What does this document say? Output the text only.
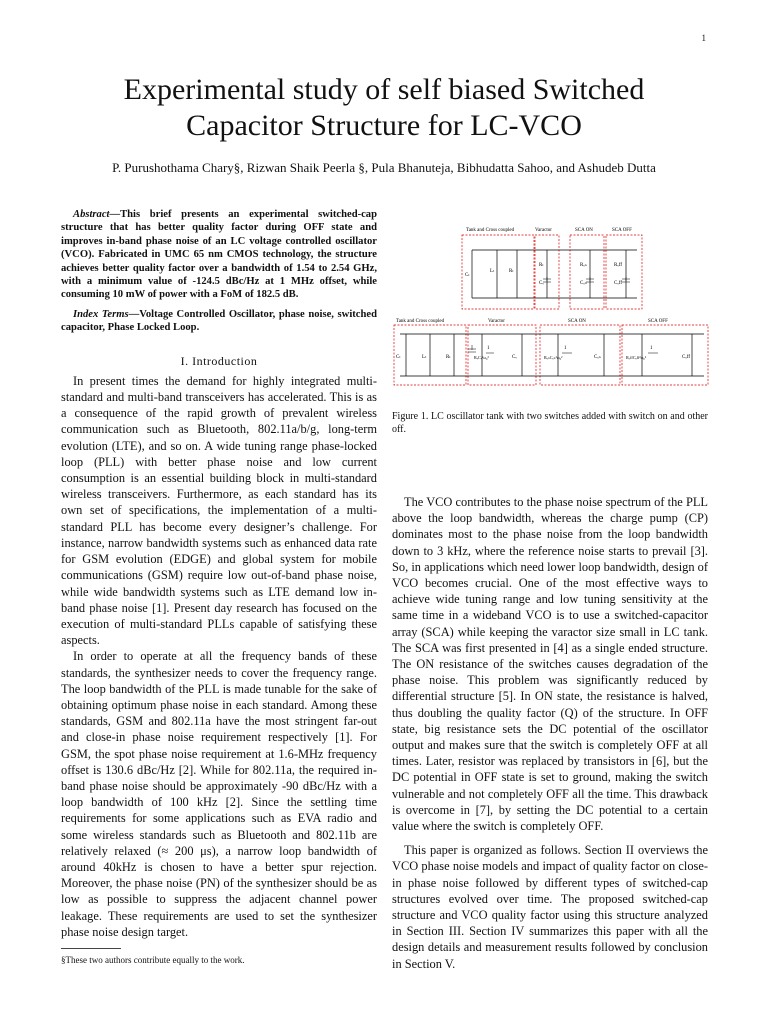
1
Experimental study of self biased Switched
Capacitor Structure for LC-VCO
P. Purushothama Chary§, Rizwan Shaik Peerla §, Pula Bhanuteja, Bibhudatta Sahoo, and Ashudeb Dutta

Abstract—This brief presents an experimental switched-cap structure that has better quality factor during OFF state and improves in-band phase noise of an LC voltage controlled oscillator (VCO). Fabricated in UMC 65 nm CMOS technology, the structure achieves better quality factor over a bandwidth of 1.54 to 2.54 GHz, with a minimum value of -124.5 dBc/Hz at 1 MHz offset, while consuming 10 mW of power with a FoM of 182.5 dB.

Index Terms—Voltage Controlled Oscillator, phase noise, switched capacitor, Phase Locked Loop.

I. Introduction

In present times the demand for highly integrated multi-standard and multi-band transceivers has accelerated. This is as a consequence of the rapid growth of prevalent wireless communication such as Bluetooth, 802.11a/b/g, long-term evolution (LTE), and so on. A wide tuning range phase-locked loop (PLL) with better phase noise and low current consumption is an essential building block in multi-standard wireless transceivers. Furthermore, as each standard has its own set of specifications, the implementation of a multi-standard PLL has become every designer’s challenge. For instance, narrow bandwidth systems such as enhanced data rate for GSM evolution (EDGE) and global system for mobile communications (GSM) require low out-of-band phase noise, while wide bandwidth systems such as LTE demand low in-band phase noise [1]. Present day research has focused on the execution of multi-standard PLLs capable of satisfying these aspects.

In order to operate at all the frequency bands of these standards, the synthesizer needs to cover the frequency range. The loop bandwidth of the PLL is made tunable for the sake of obtaining optimum phase noise in each standard. Among these standards, GSM and 802.11a have the most stringent far-out and close-in phase noise requirement respectively [1]. For GSM, the spot phase noise requirement at 1.6-MHz frequency offset is 130.6 dBc/Hz [2]. While for 802.11a, the required in-band phase noise should be approximately -90 dBc/Hz with a loop bandwidth of 100 kHz [2]. Since the settling time requirements for some applications such as EVA radio and some wireless standards such as Bluetooth and 802.11b are relatively relaxed (≈ 200 μs), a narrow loop bandwidth of around 40kHz is chosen to have a better spur rejection. Moreover, the phase noise (PN) of the synthesizer should be as low as possible to suppress the adjacent channel power leakage. These requirements are used to set the synthesizer phase noise design target.

§These two authors contribute equally to the work.
Tank and Cross coupled	Varactor	SCA ON	SCA OFF
Cₜ
Lₜ	Rₜ
Rₜ
Cᵥ
Rₒₙ
Cₒₙ
Rₒff
Cₒff
Tank and Cross coupled	Varactor	SCA ON	SCA OFF
Cₜ	Lₜ	Rₜ
1
RᵥCᵥ²ω₀²	Cᵥ
1
RₒₙCₒₙ²ω₀²	Cₒₙ
1
RₒffCₒff²ω₀²	Cₒff
Figure 1. LC oscillator tank with two switches added with switch on and other off.

The VCO contributes to the phase noise spectrum of the PLL above the loop bandwidth, whereas the charge pump (CP) dominates most to the phase noise from the loop bandwidth down to 3 kHz, where the reference noise starts to prevail [3]. So, in applications which need lower loop bandwidth, design of VCO becomes crucial. One of the most effective ways to achieve wide tuning range and low tuning sensitivity at the same time in a wideband VCO is to use a switched-capacitor array (SCA) while keeping the varactor size small in LC tank. The SCA was first presented in [4] as a single ended structure. The ON resistance of the switches causes degradation of the phase noise. This problem was significantly reduced by differential structure [5]. In ON state, the resistance is halved, thus doubling the quality factor (Q) of the structure. In OFF state, big resistance sets the DC potential of the oscillator output and makes sure that the switch is completely OFF at all times. Later, resistor was replaced by transistors in [6], but the DC potential in OFF state is set to ground, making the switch vulnerable and not completely OFF all the time. This drawback is overcome in [7], by setting the DC potential to a certain value where the switch is completely OFF.

This paper is organized as follows. Section II overviews the VCO phase noise models and impact of quality factor on close-in phase noise followed by different types of switched-cap structures evolved over time. The proposed switched-cap structure and VCO quality factor using this structure analyzed in Section III. Section IV summarizes this paper with all the design details and measurement results followed by conclusion in Section V.
